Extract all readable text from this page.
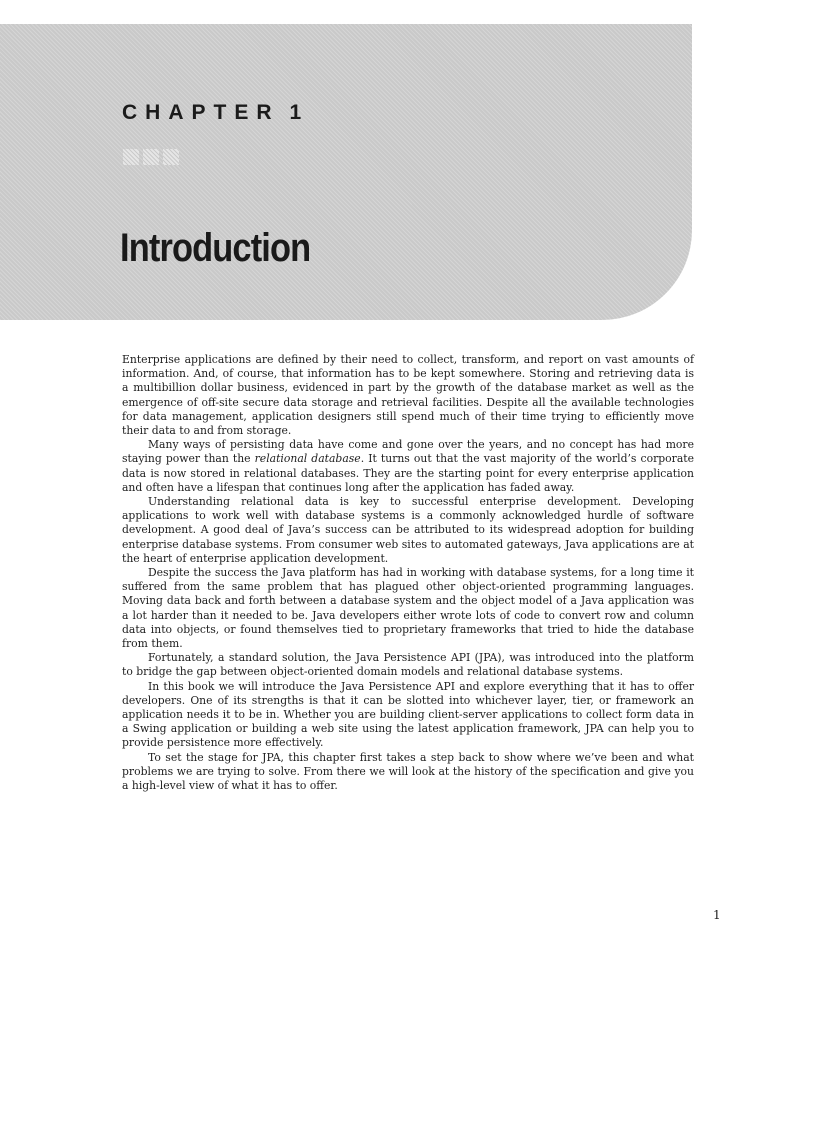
CHAPTER 1
Introduction

Enterprise applications are defined by their need to collect, transform, and report on vast amounts of information. And, of course, that information has to be kept somewhere. Storing and retrieving data is a multibillion dollar business, evidenced in part by the growth of the database market as well as the emergence of off-site secure data storage and retrieval facilities. Despite all the available technologies for data management, application designers still spend much of their time trying to efficiently move their data to and from storage.

Many ways of persisting data have come and gone over the years, and no concept has had more staying power than the relational database. It turns out that the vast majority of the world’s corporate data is now stored in relational databases. They are the starting point for every enterprise application and often have a lifespan that continues long after the application has faded away.

Understanding relational data is key to successful enterprise development. Developing applications to work well with database systems is a commonly acknowledged hurdle of software development. A good deal of Java’s success can be attributed to its widespread adoption for building enterprise database systems. From consumer web sites to automated gateways, Java applications are at the heart of enterprise application development.

Despite the success the Java platform has had in working with database systems, for a long time it suffered from the same problem that has plagued other object-oriented programming languages. Moving data back and forth between a database system and the object model of a Java application was a lot harder than it needed to be. Java developers either wrote lots of code to convert row and column data into objects, or found themselves tied to proprietary frameworks that tried to hide the database from them.

Fortunately, a standard solution, the Java Persistence API (JPA), was introduced into the platform to bridge the gap between object-oriented domain models and relational database systems.

In this book we will introduce the Java Persistence API and explore everything that it has to offer developers. One of its strengths is that it can be slotted into whichever layer, tier, or framework an application needs it to be in. Whether you are building client-server applications to collect form data in a Swing application or building a web site using the latest application framework, JPA can help you to provide persistence more effectively.

To set the stage for JPA, this chapter first takes a step back to show where we’ve been and what problems we are trying to solve. From there we will look at the history of the specification and give you a high-level view of what it has to offer.

1
